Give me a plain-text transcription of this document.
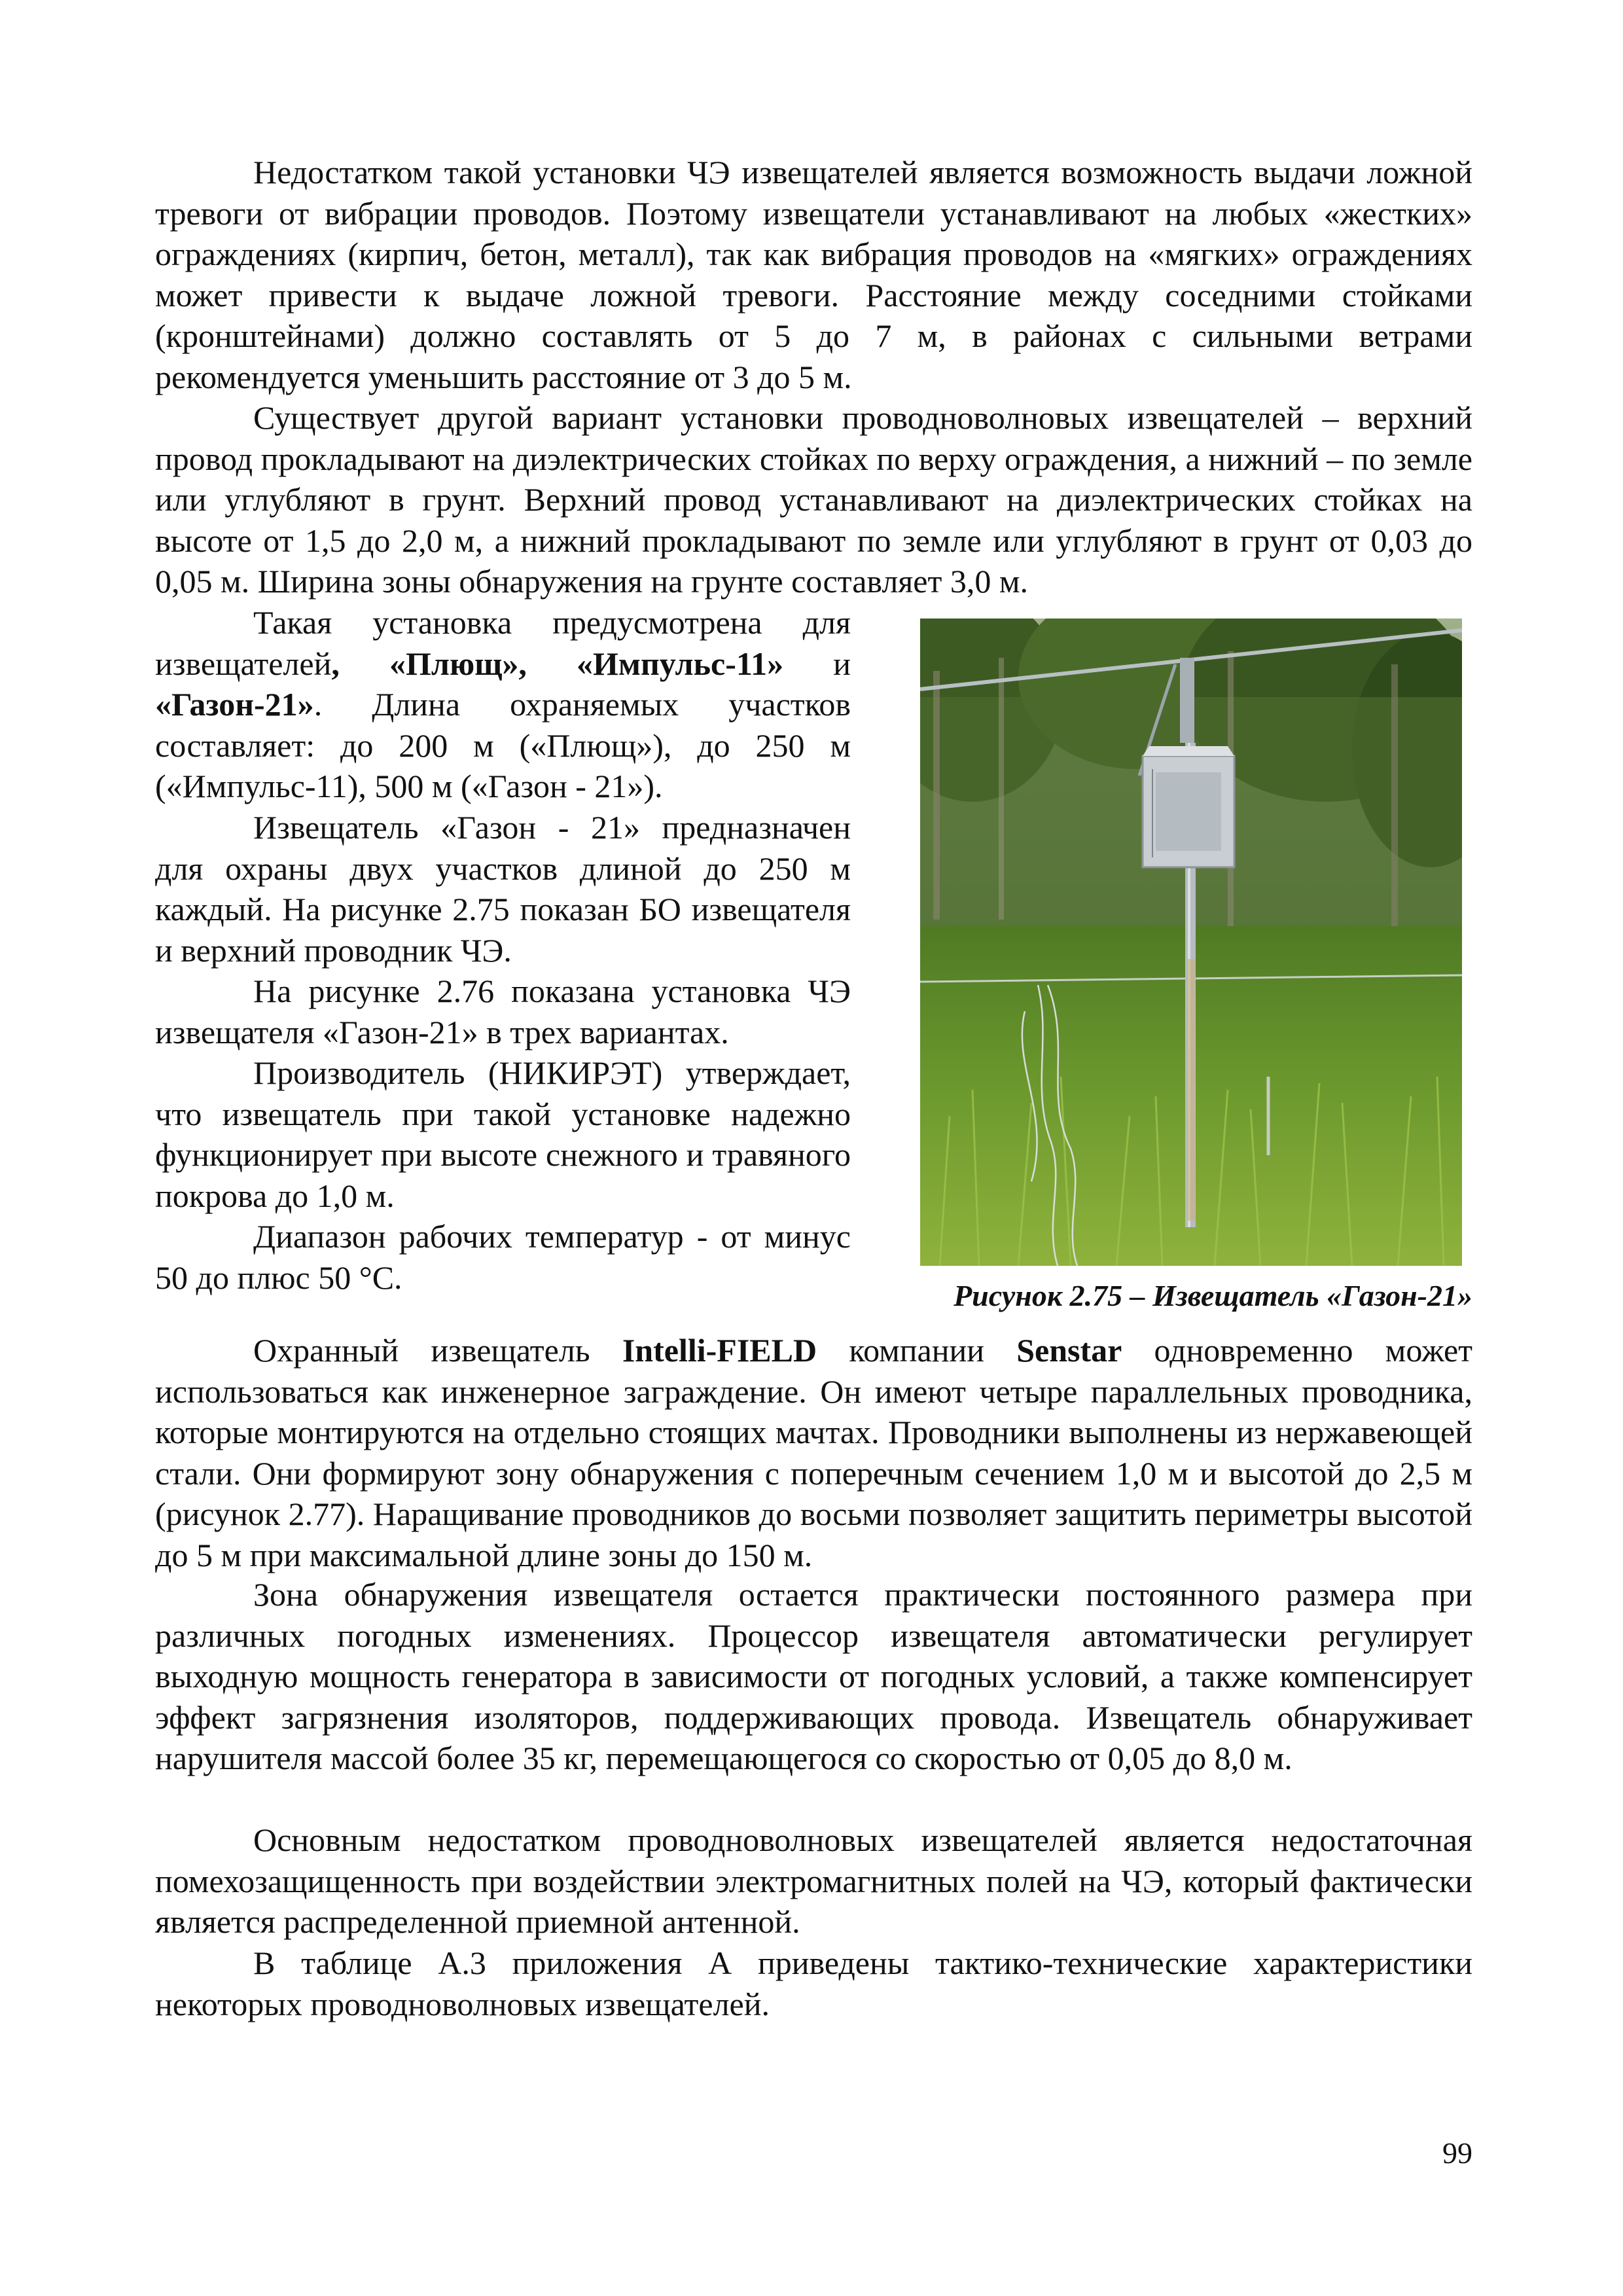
Недостатком такой установки ЧЭ извещателей является возможность выдачи ложной тревоги от вибрации проводов. Поэтому извещатели устанавливают на любых «жестких» ограждениях (кирпич, бетон, металл), так как вибрация проводов на «мягких» ограждениях может привести к выдаче ложной тревоги. Расстояние между соседними стойками (кронштейнами) должно составлять от 5 до 7 м, в районах с сильными ветрами рекомендуется уменьшить расстояние от 3 до 5 м.

Существует другой вариант установки проводноволновых извещателей – верхний провод прокладывают на диэлектрических стойках по верху ограждения, а нижний – по земле или углубляют в грунт. Верхний провод устанавливают на диэлектрических стойках на высоте от 1,5 до 2,0 м, а нижний прокладывают по земле или углубляют в грунт от 0,03 до 0,05 м. Ширина зоны обнаружения на грунте составляет 3,0 м.

Такая установка предусмотрена для извещателей, «Плющ», «Импульс-11» и «Газон-21». Длина охраняемых участков составляет: до 200 м («Плющ»), до 250 м («Импульс-11), 500 м («Газон - 21»).

Извещатель «Газон - 21» предназначен для охраны двух участков длиной до 250 м каждый. На рисунке 2.75 показан БО извещателя и верхний проводник ЧЭ.

На рисунке 2.76 показана установка ЧЭ извещателя «Газон-21» в трех вариантах.

Производитель (НИКИРЭТ) утверждает, что извещатель при такой установке надежно функционирует при высоте снежного и травяного покрова до 1,0 м.

Диапазон рабочих температур - от минус 50 до плюс 50 °С.	Рисунок 2.75 – Извещатель «Газон-21»

Охранный извещатель Intelli-FIELD компании Senstar одновременно может использоваться как инженерное заграждение. Он имеют четыре параллельных проводника, которые монтируются на отдельно стоящих мачтах. Проводники выполнены из нержавеющей стали. Они формируют зону обнаружения с поперечным сечением 1,0 м и высотой до 2,5 м (рисунок 2.77). Наращивание проводников до восьми позволяет защитить периметры высотой до 5 м при максимальной длине зоны до 150 м.

Зона обнаружения извещателя остается практически постоянного размера при различных погодных изменениях. Процессор извещателя автоматически регулирует выходную мощность генератора в зависимости от погодных условий, а также компенсирует эффект загрязнения изоляторов, поддерживающих провода. Извещатель обнаруживает нарушителя массой более 35 кг, перемещающегося со скоростью от 0,05 до 8,0 м.

Основным недостатком проводноволновых извещателей является недостаточная помехозащищенность при воздействии электромагнитных полей на ЧЭ, который фактически является распределенной приемной антенной.

В таблице А.3 приложения А приведены тактико-технические характеристики некоторых проводноволновых извещателей.

99
